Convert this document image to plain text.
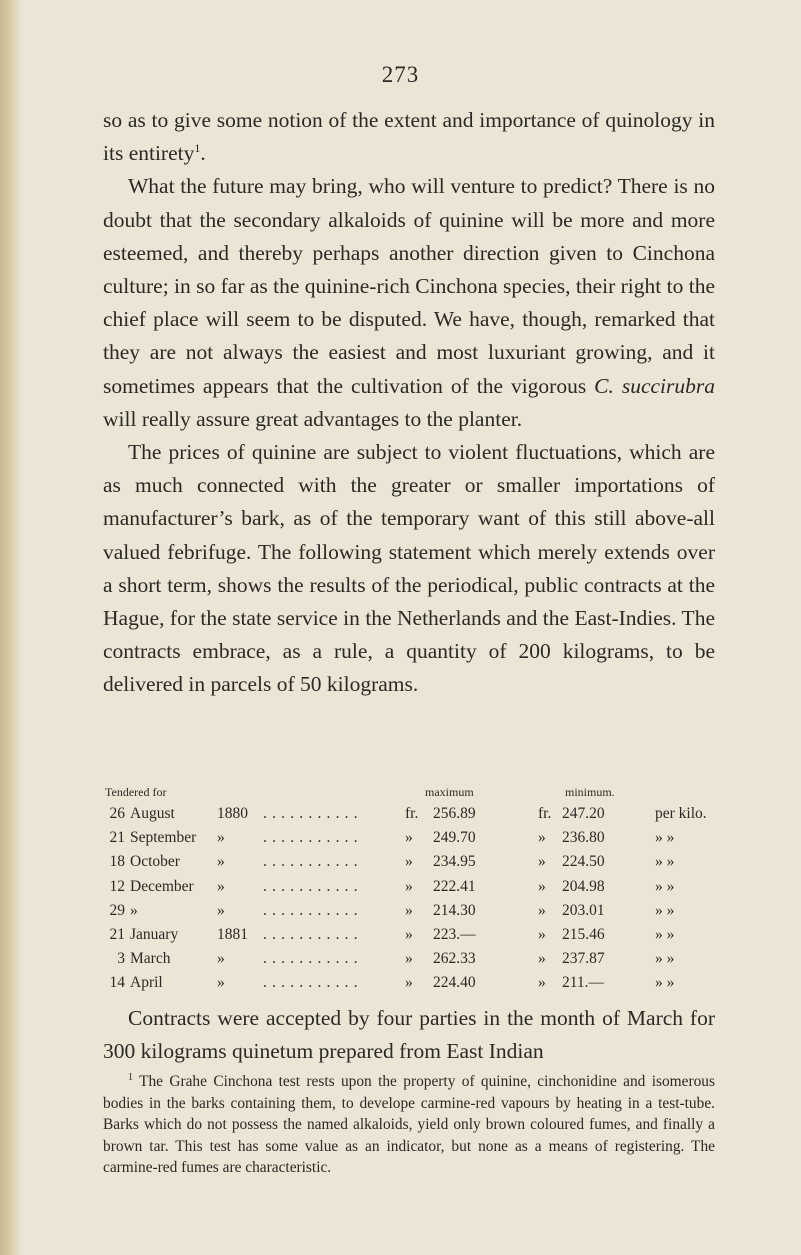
273

so as to give some notion of the extent and importance of quinology in its entirety$^1$.

What the future may bring, who will venture to predict? There is no doubt that the secondary alkaloids of quinine will be more and more esteemed, and thereby perhaps another direction given to Cinchona culture; in so far as the quinine-rich Cinchona species, their right to the chief place will seem to be disputed. We have, though, remarked that they are not always the easiest and most luxuriant growing, and it sometimes appears that the cultivation of the vigorous C. succirubra will really assure great advantages to the planter.

The prices of quinine are subject to violent fluctuations, which are as much connected with the greater or smaller importations of manufacturer’s bark, as of the temporary want of this still above-all valued febrifuge. The following statement which merely extends over a short term, shows the results of the periodical, public contracts at the Hague, for the state service in the Netherlands and the East-Indies. The contracts embrace, as a rule, a quantity of 200 kilograms, to be delivered in parcels of 50 kilograms.

Tendered for	maximum	minimum.
26 August	1880 ...........	fr. 256.89	fr. 247.20	per kilo.
21 September » ...........	» 249.70	» 236.80	» »
18 October » ...........	» 234.95	» 224.50	» »
12 December » ...........	» 222.41	» 204.98	» »
29 »	» ...........	» 214.30	» 203.01	» »
21 January	1881 ...........	» 223.—	» 215.46	» »
3 March	» ...........	» 262.33	» 237.87	» »
14 April	» ...........	» 224.40	» 211.—	» »

Contracts were accepted by four parties in the month of March for 300 kilograms quinetum prepared from East Indian

$^1$ The Grahe Cinchona test rests upon the property of quinine, cinchonidine and isomerous bodies in the barks containing them, to develope carmine-red vapours by heating in a test-tube. Barks which do not possess the named alkaloids, yield only brown coloured fumes, and finally a brown tar. This test has some value as an indicator, but none as a means of registering. The carmine-red fumes are characteristic.
